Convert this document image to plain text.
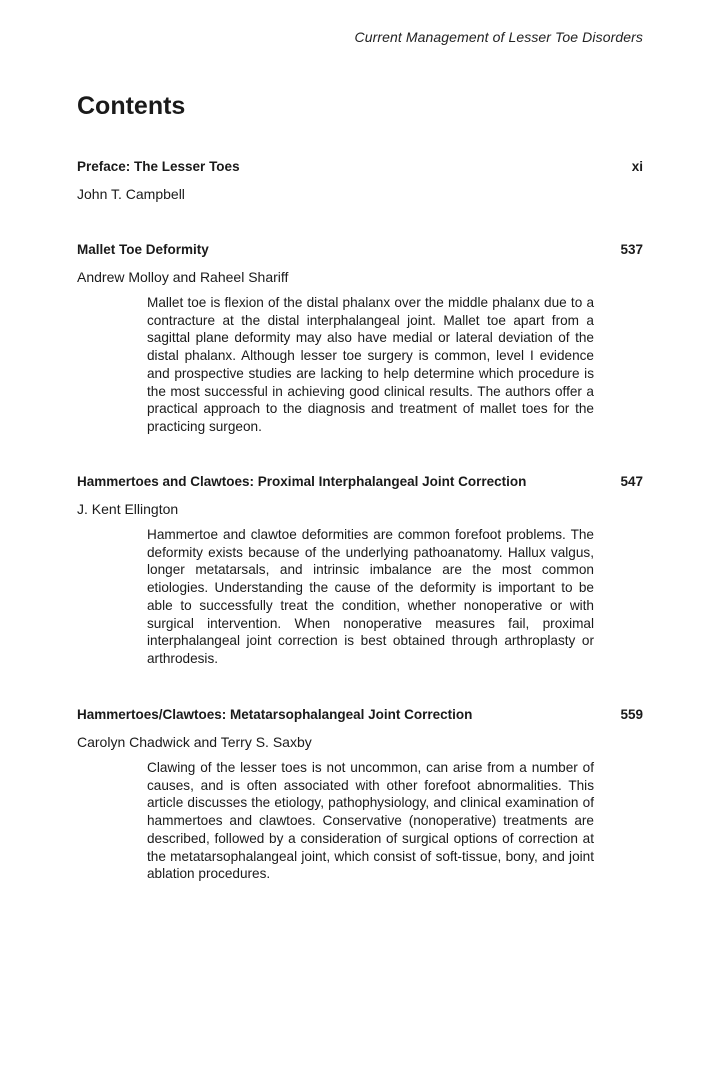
Current Management of Lesser Toe Disorders
Contents
Preface: The Lesser Toes	xi
John T. Campbell
Mallet Toe Deformity	537
Andrew Molloy and Raheel Shariff

Mallet toe is flexion of the distal phalanx over the middle phalanx due to a contracture at the distal interphalangeal joint. Mallet toe apart from a sagittal plane deformity may also have medial or lateral deviation of the distal phalanx. Although lesser toe surgery is common, level I evidence and prospective studies are lacking to help determine which procedure is the most successful in achieving good clinical results. The authors offer a practical approach to the diagnosis and treatment of mallet toes for the practicing surgeon.

Hammertoes and Clawtoes: Proximal Interphalangeal Joint Correction	547
J. Kent Ellington

Hammertoe and clawtoe deformities are common forefoot problems. The deformity exists because of the underlying pathoanatomy. Hallux valgus, longer metatarsals, and intrinsic imbalance are the most common etiologies. Understanding the cause of the deformity is important to be able to successfully treat the condition, whether nonoperative or with surgical intervention. When nonoperative measures fail, proximal interphalangeal joint correction is best obtained through arthroplasty or arthrodesis.

Hammertoes/Clawtoes: Metatarsophalangeal Joint Correction	559
Carolyn Chadwick and Terry S. Saxby

Clawing of the lesser toes is not uncommon, can arise from a number of causes, and is often associated with other forefoot abnormalities. This article discusses the etiology, pathophysiology, and clinical examination of hammertoes and clawtoes. Conservative (nonoperative) treatments are described, followed by a consideration of surgical options of correction at the metatarsophalangeal joint, which consist of soft-tissue, bony, and joint ablation procedures.
